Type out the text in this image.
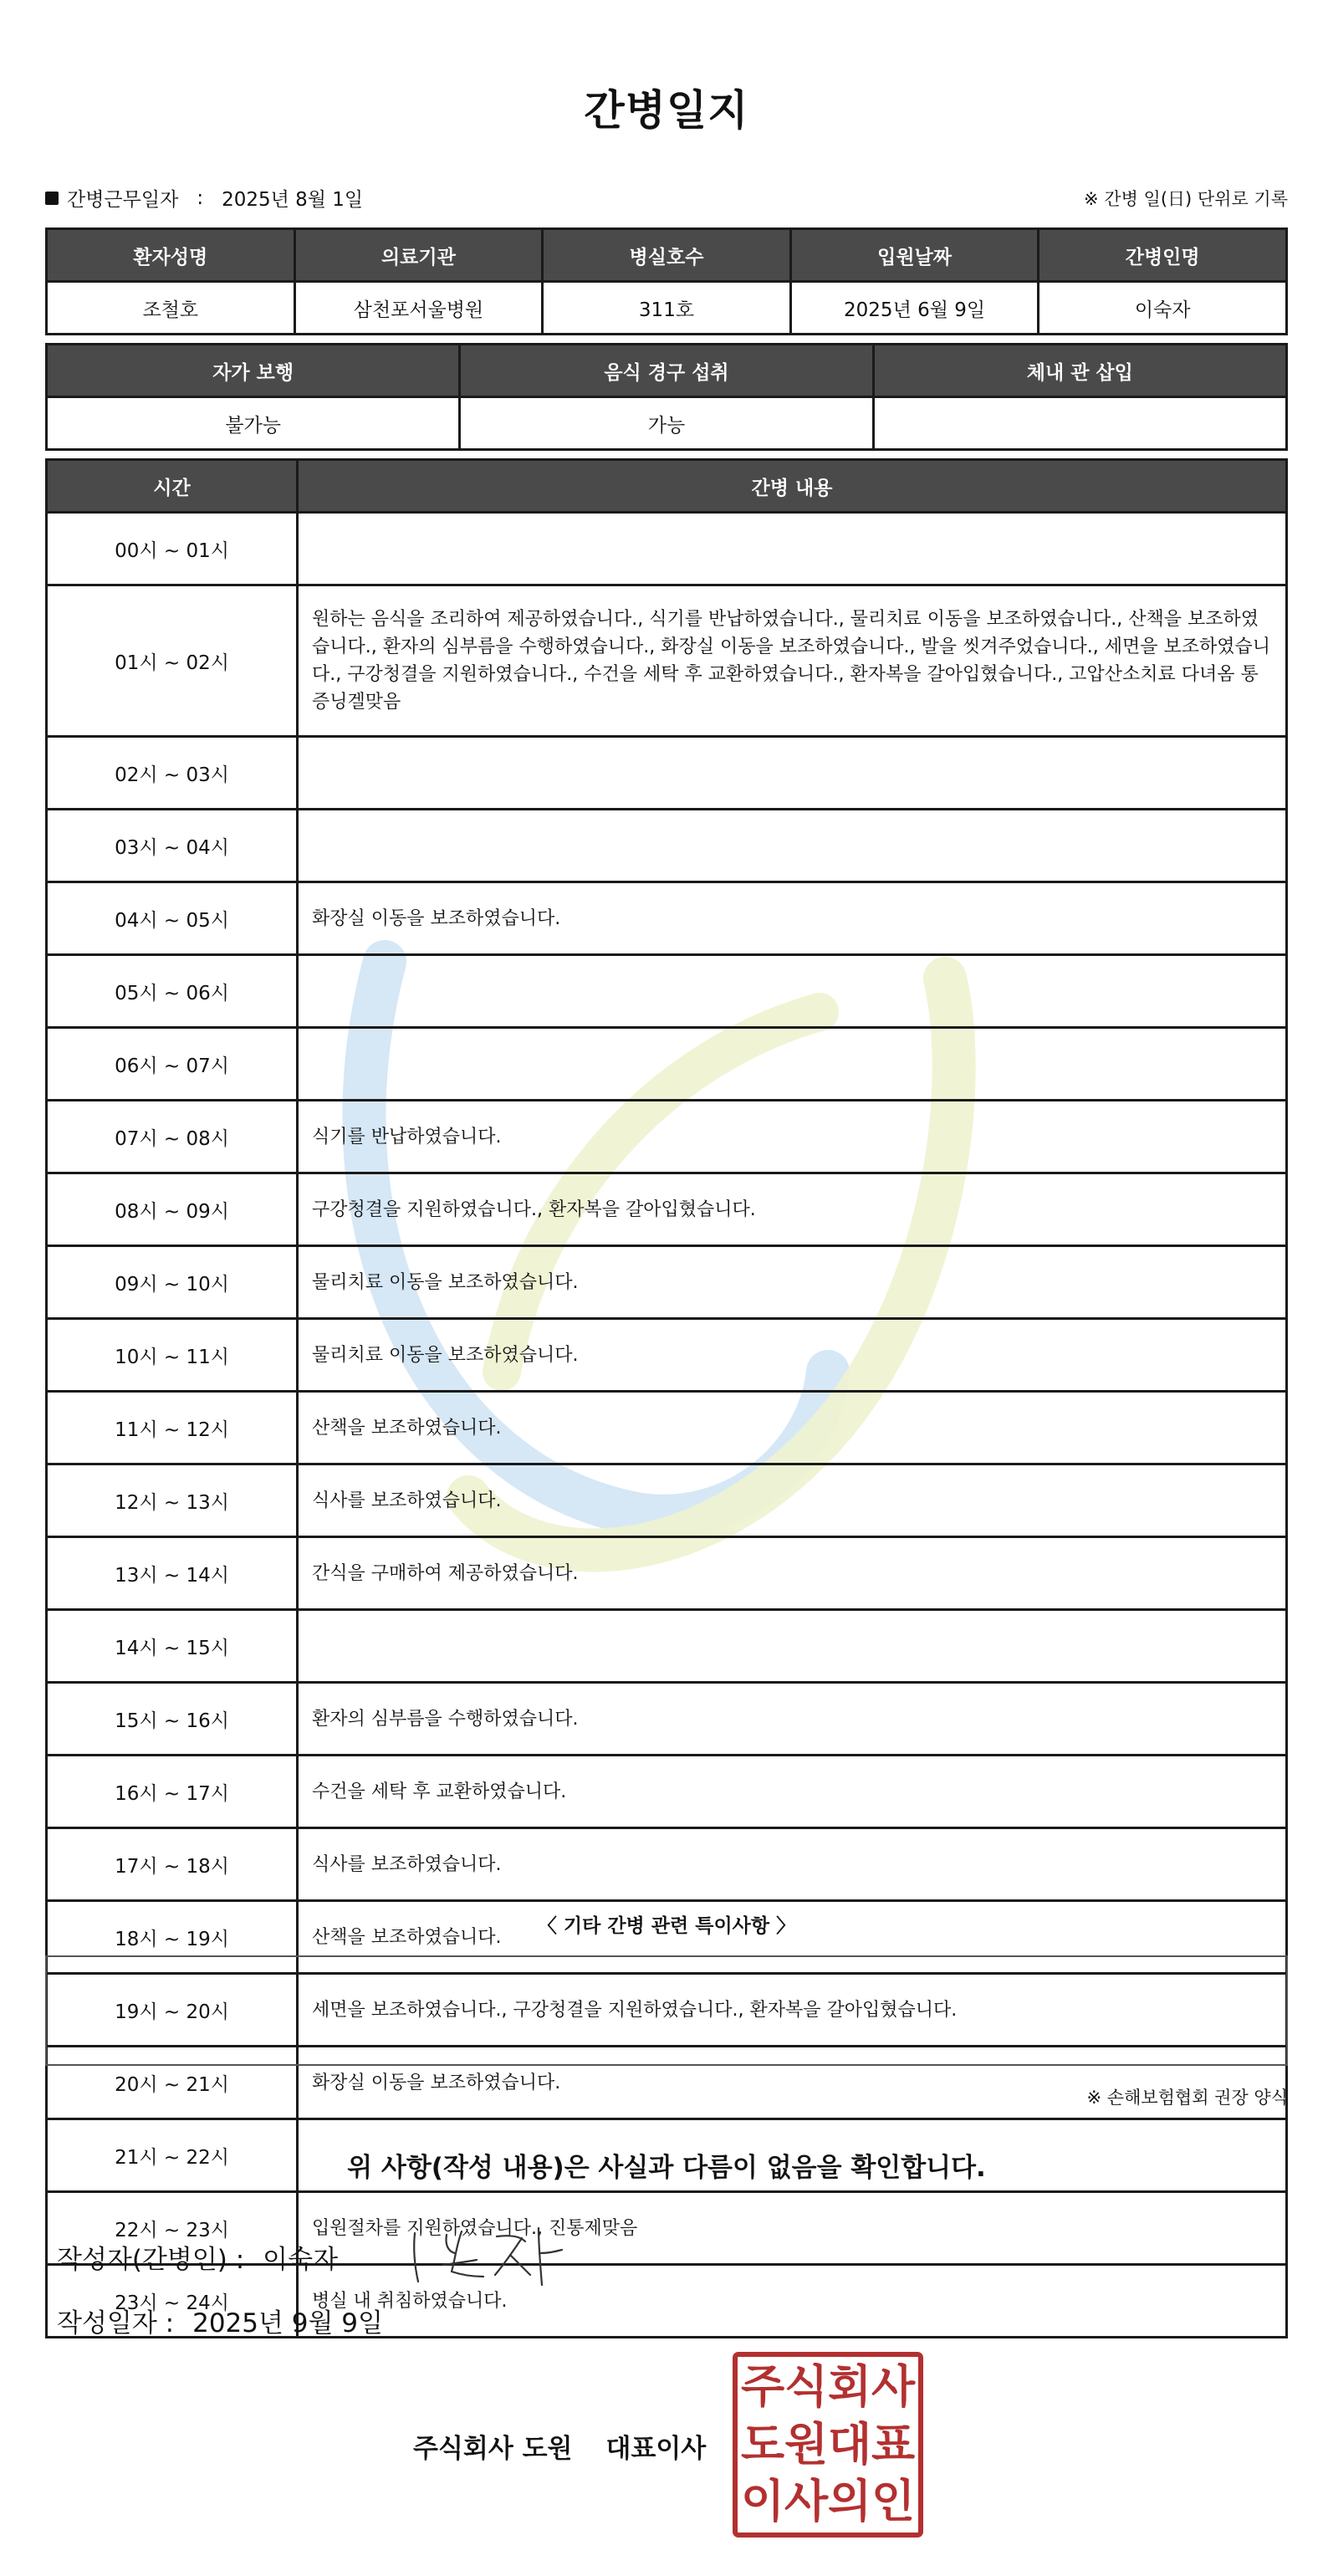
간병일지
간병근무일자 : 2025년 8월 1일	※ 간병 일(日) 단위로 기록
환자성명	의료기관	병실호수	입원날짜	간병인명
조철호	삼천포서울병원	311호	2025년 6월 9일	이숙자
자가 보행	음식 경구 섭취	체내 관 삽입
불가능	가능	
시간	간병 내용
00시 ~ 01시	
01시 ~ 02시	원하는 음식을 조리하여 제공하였습니다., 식기를 반납하였습니다., 물리치료 이동을 보조하였습니다., 산책을 보조하였습니다., 환자의 심부름을 수행하였습니다., 화장실 이동을 보조하였습니다., 발을 씻겨주었습니다., 세면을 보조하였습니다., 구강청결을 지원하였습니다., 수건을 세탁 후 교환하였습니다., 환자복을 갈아입혔습니다., 고압산소치료 다녀옴 통증닝겔맞음
02시 ~ 03시	
03시 ~ 04시	
04시 ~ 05시	화장실 이동을 보조하였습니다.
05시 ~ 06시	
06시 ~ 07시	
07시 ~ 08시	식기를 반납하였습니다.
08시 ~ 09시	구강청결을 지원하였습니다., 환자복을 갈아입혔습니다.
09시 ~ 10시	물리치료 이동을 보조하였습니다.
10시 ~ 11시	물리치료 이동을 보조하였습니다.
11시 ~ 12시	산책을 보조하였습니다.
12시 ~ 13시	식사를 보조하였습니다.
13시 ~ 14시	간식을 구매하여 제공하였습니다.
14시 ~ 15시	
15시 ~ 16시	환자의 심부름을 수행하였습니다.
16시 ~ 17시	수건을 세탁 후 교환하였습니다.
17시 ~ 18시	식사를 보조하였습니다.
18시 ~ 19시	산책을 보조하였습니다.
19시 ~ 20시	세면을 보조하였습니다., 구강청결을 지원하였습니다., 환자복을 갈아입혔습니다.
20시 ~ 21시	화장실 이동을 보조하였습니다.
21시 ~ 22시	
22시 ~ 23시	입원절차를 지원하였습니다., 진통제맞음
23시 ~ 24시	병실 내 취침하였습니다.
〈 기타 간병 관련 특이사항 〉
※ 손해보험협회 권장 양식
위 사항(작성 내용)은 사실과 다름이 없음을 확인합니다.
작성자(간병인) : 이숙자
작성일자 : 2025년 9월 9일
주식회사 도원 대표이사
주 식 회 사
도 원 대 표
이 사 의 인
